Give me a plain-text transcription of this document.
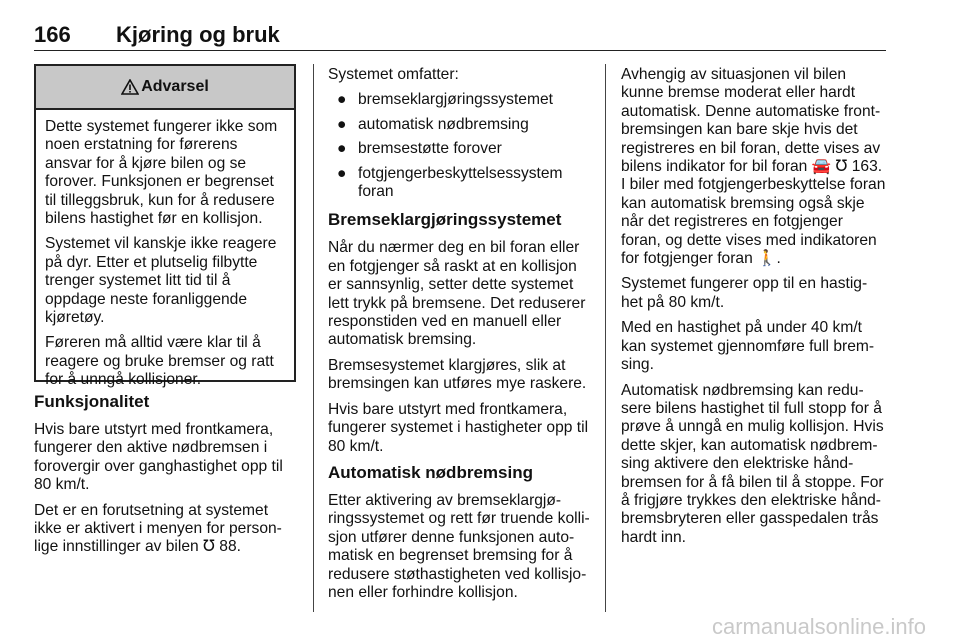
166 Kjøring og bruk
Advarsel

Dette systemet fungerer ikke som noen erstatning for førerens ansvar for å kjøre bilen og se forover. Funksjonen er begrenset til tilleggsbruk, kun for å redusere bilens hastighet før en kollisjon.

Systemet vil kanskje ikke reagere på dyr. Etter et plutselig filbytte trenger systemet litt tid til å oppdage neste foranliggende kjøretøy.

Føreren må alltid være klar til å reagere og bruke bremser og ratt for å unngå kollisjoner.

Funksjonalitet

Hvis bare utstyrt med frontkamera, fungerer den aktive nødbremsen i forovergir over ganghastighet opp til 80 km/t.

Det er en forutsetning at systemet ikke er aktivert i menyen for person-lige innstillinger av bilen ℧ 88.

Systemet omfatter:

● bremseklargjøringssystemet
● automatisk nødbremsing
● bremsestøtte forover
● fotgjengerbeskyttelsessystem foran
Bremseklargjøringssystemet

Når du nærmer deg en bil foran eller en fotgjenger så raskt at en kollisjon er sannsynlig, setter dette systemet lett trykk på bremsene. Det reduserer responstiden ved en manuell eller automatisk bremsing.

Bremsesystemet klargjøres, slik at bremsingen kan utføres mye raskere.

Hvis bare utstyrt med frontkamera, fungerer systemet i hastigheter opp til 80 km/t.

Automatisk nødbremsing

Etter aktivering av bremseklargjø-ringssystemet og rett før truende kolli-sjon utfører denne funksjonen auto-matisk en begrenset bremsing for å redusere støthastigheten ved kollisjo-nen eller forhindre kollisjon.

Avhengig av situasjonen vil bilen kunne bremse moderat eller hardt automatisk. Denne automatiske front-bremsingen kan bare skje hvis det registreres en bil foran, dette vises av bilens indikator for bil foran 🚘 ℧ 163. I biler med fotgjengerbeskyttelse foran kan automatisk bremsing også skje når det registreres en fotgjenger foran, og dette vises med indikatoren for fotgjenger foran 🚶.

Systemet fungerer opp til en hastig-het på 80 km/t.

Med en hastighet på under 40 km/t kan systemet gjennomføre full brem-sing.

Automatisk nødbremsing kan redu-sere bilens hastighet til full stopp for å prøve å unngå en mulig kollisjon. Hvis dette skjer, kan automatisk nødbrem-sing aktivere den elektriske hånd-bremsen for å få bilen til å stoppe. For å frigjøre trykkes den elektriske hånd-bremsbryteren eller gasspedalen trås hardt inn.

carmanualsonline.info
